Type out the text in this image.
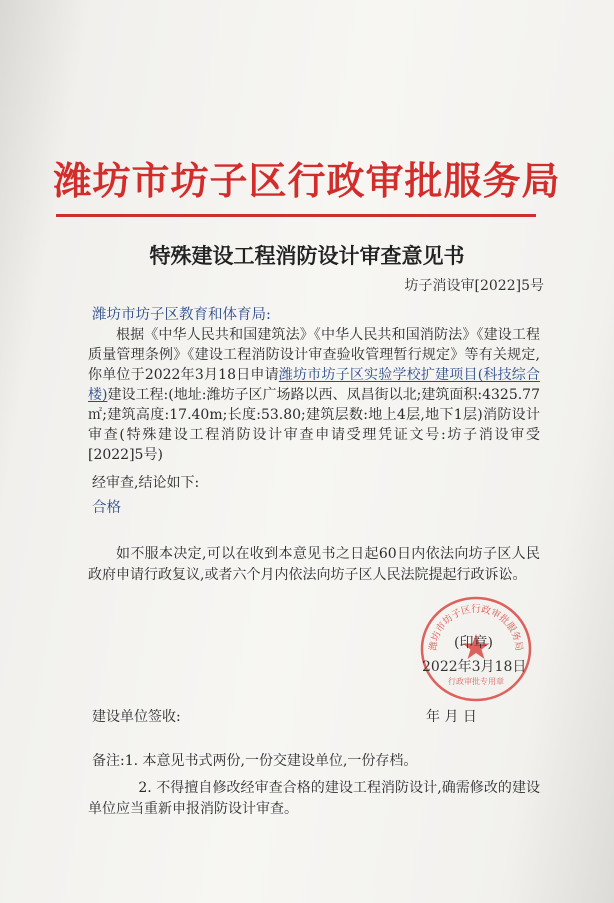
潍坊市坊子区行政审批服务局
特殊建设工程消防设计审查意见书
坊子消设审[2022]5号
潍坊市坊子区教育和体育局:
根据《中华人民共和国建筑法》《中华人民共和国消防法》《建设工程质量管理条例》《建设工程消防设计审查验收管理暂行规定》等有关规定,你单位于2022年3月18日申请潍坊市坊子区实验学校扩建项目(科技综合楼)建设工程:(地址:潍坊子区广场路以西、凤昌街以北;建筑面积:4325.77㎡;建筑高度:17.40m;长度:53.80;建筑层数:地上4层,地下1层)消防设计审查(特殊建设工程消防设计审查申请受理凭证文号:坊子消设审受[2022]5号)
经审查,结论如下:
合格
如不服本决定,可以在收到本意见书之日起60日内依法向坊子区人民政府申请行政复议,或者六个月内依法向坊子区人民法院提起行政诉讼。
潍坊市坊子区行政审批服务局
行政审批专用章
(印章)
2022年3月18日
建设单位签收:	年 月 日
备注:1. 本意见书式两份,一份交建设单位,一份存档。
2. 不得擅自修改经审查合格的建设工程消防设计,确需修改的建设单位应当重新申报消防设计审查。
